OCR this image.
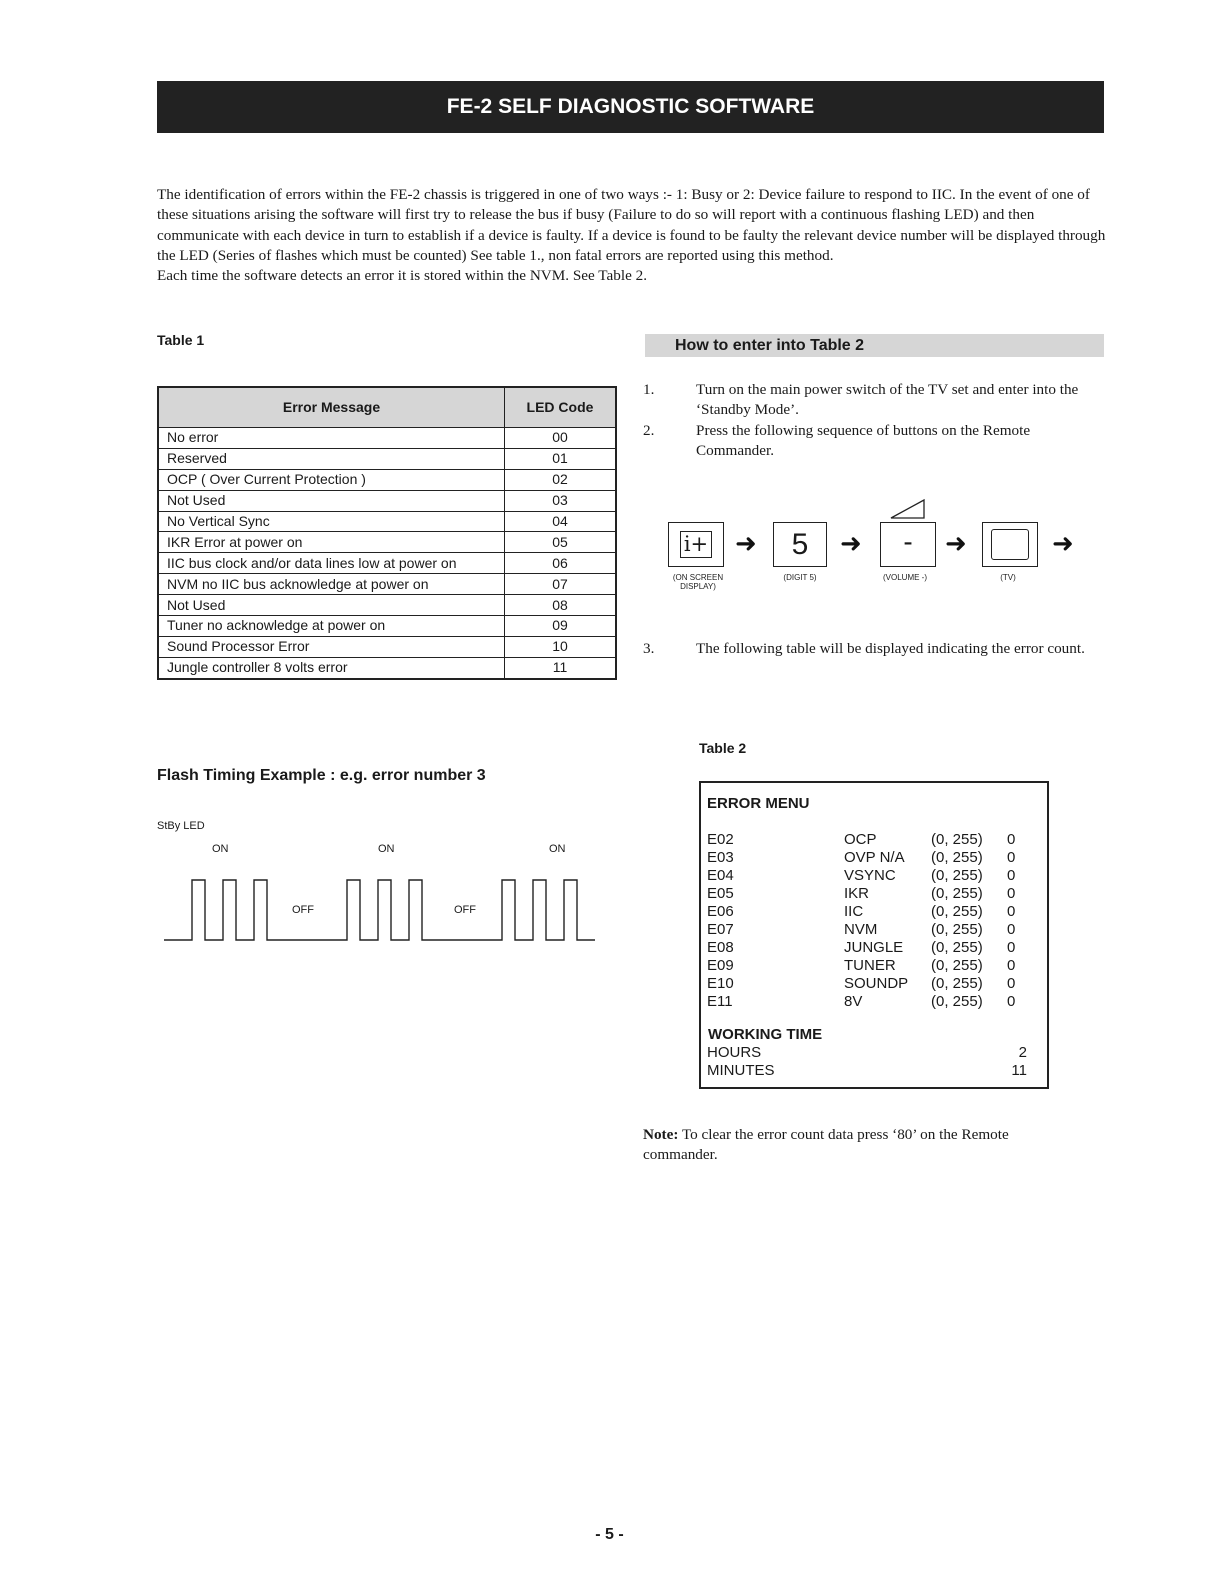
FE-2 SELF DIAGNOSTIC SOFTWARE

The identification of errors within the FE-2 chassis is triggered in one of two ways :- 1: Busy or 2: Device failure to respond to IIC. In the event of one of these situations arising the software will first try to release the bus if busy (Failure to do so will report with a continuous flashing LED) and then communicate with each device in turn to establish if a device is faulty. If a device is found to be faulty the relevant device number will be displayed through the LED (Series of flashes which must be counted) See table 1., non fatal errors are reported using this method.

Each time the software detects an error it is stored within the NVM. See Table 2.

Table 1
Error Message	LED Code
No error	00
Reserved	01
OCP ( Over Current Protection )	02
Not Used	03
No Vertical Sync	04
IKR Error at power on	05
IIC bus clock and/or data lines low at power on	06
NVM no IIC bus acknowledge at power on	07
Not Used	08
Tuner no acknowledge at power on	09
Sound Processor Error	10
Jungle controller 8 volts error	11
How to enter into Table 2
1.	Turn on the main power switch of the TV set and enter into the ‘Standby Mode’.
2.	Press the following sequence of buttons on the Remote Commander.
i+	➜	5	➜	-	➜	➜
(ON SCREEN DISPLAY)
(DIGIT 5)	(VOLUME -)	(TV)
3.	The following table will be displayed indicating the error count.
Table 2
ERROR MENU
E02	OCP	(0, 255) 0
E03	OVP N/A (0, 255) 0
E04	VSYNC (0, 255) 0
E05	IKR	(0, 255) 0
E06	IIC	(0, 255) 0
E07	NVM	(0, 255) 0
E08	JUNGLE (0, 255) 0
E09	TUNER (0, 255) 0
E10	SOUNDP (0, 255) 0
E11	8V	(0, 255) 0
WORKING TIME
HOURS	2
MINUTES	11
Note: To clear the error count data press ‘80’ on the Remote commander.
Flash Timing Example : e.g. error number 3
StBy LED
ON	ON	ON
OFF	OFF
- 5 -
